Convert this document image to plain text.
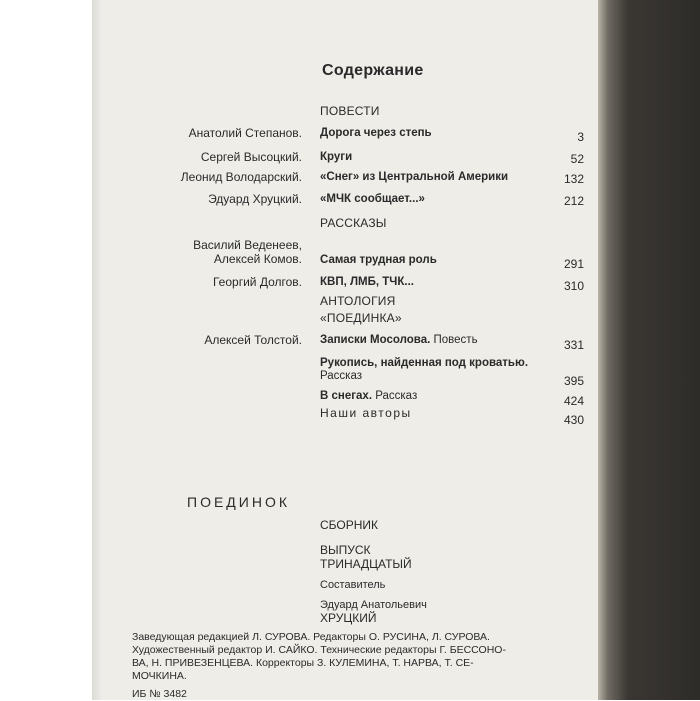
Содержание
ПОВЕСТИ
Анатолий Степанов. Дорога через степь	3
Сергей Высоцкий. Круги	52
Леонид Володарский. «Снег» из Центральной Америки	132
Эдуард Хруцкий. «МЧК сообщает...»	212
РАССКАЗЫ
Василий Веденеев,
Алексей Комов. Самая трудная роль	291
Георгий Долгов. КВП, ЛМБ, ТЧК...	310
АНТОЛОГИЯ
«ПОЕДИНКА»
Алексей Толстой. Записки Мосолова. Повесть	331
Рукопись, найденная под кроватью.
Рассказ	395
В снегах. Рассказ	424
Наши авторы	430
ПОЕДИНОК
СБОРНИК
ВЫПУСК
ТРИНАДЦАТЫЙ
Составитель
Эдуард Анатольевич
ХРУЦКИЙ
Заведующая редакцией Л. СУРОВА. Редакторы О. РУСИНА, Л. СУРОВА.
Художественный редактор И. САЙКО. Технические редакторы Г. БЕССОНО-
ВА, Н. ПРИВЕЗЕНЦЕВА. Корректоры З. КУЛЕМИНА, Т. НАРВА, Т. СЕ-
МОЧКИНА.
ИБ № 3482
